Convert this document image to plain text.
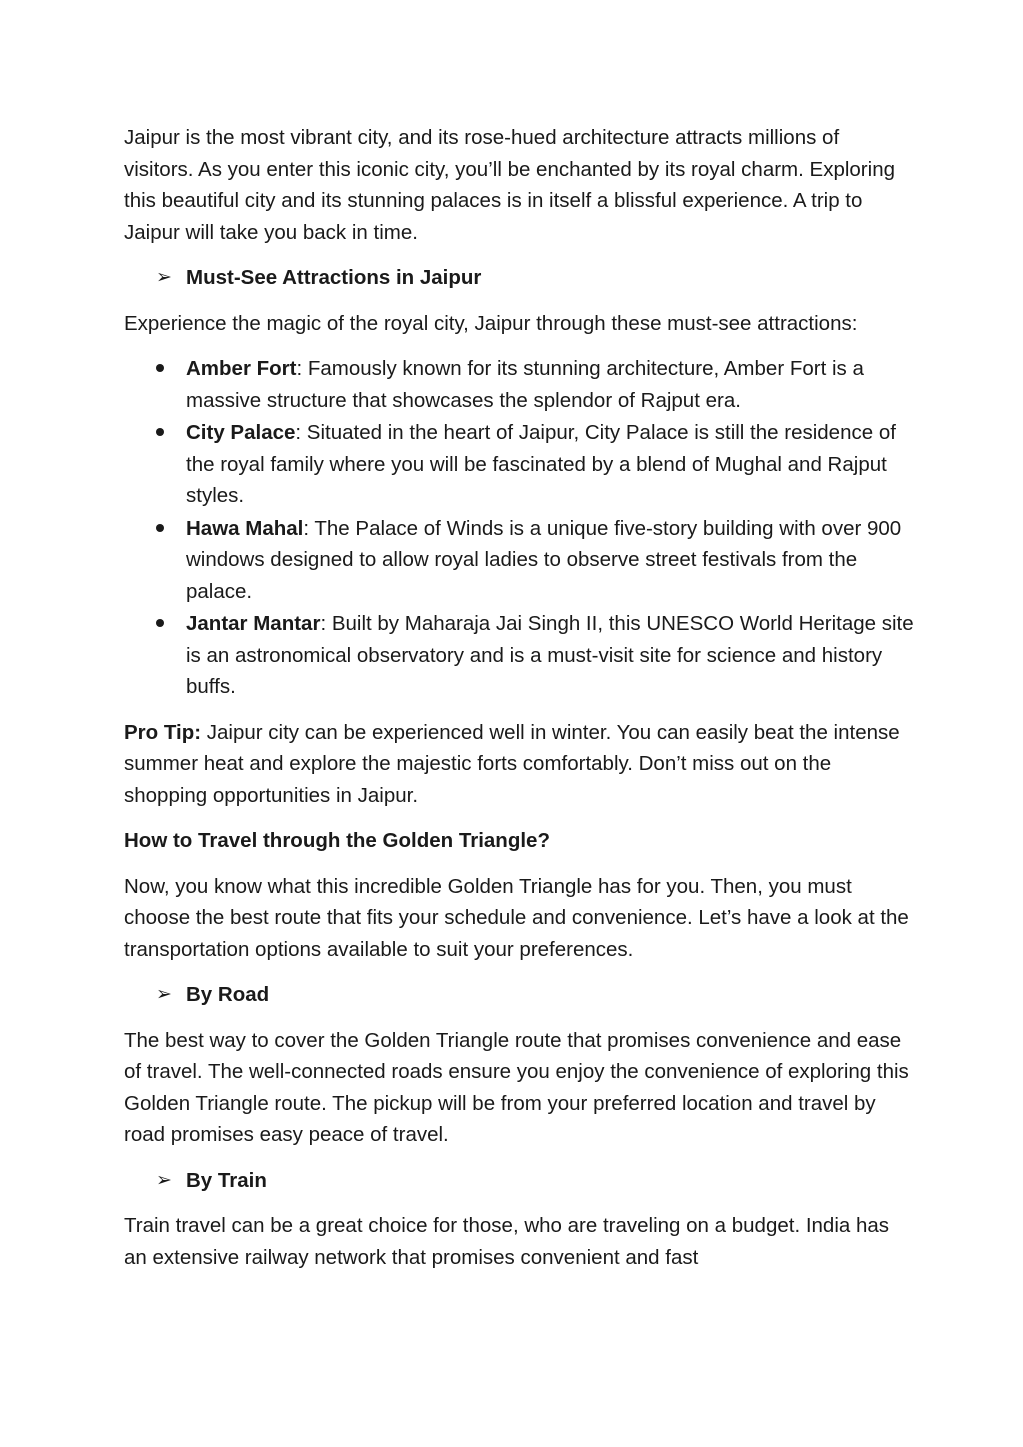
Jaipur is the most vibrant city, and its rose-hued architecture attracts millions of visitors. As you enter this iconic city, you’ll be enchanted by its royal charm. Exploring this beautiful city and its stunning palaces is in itself a blissful experience. A trip to Jaipur will take you back in time.

➢ Must-See Attractions in Jaipur

Experience the magic of the royal city, Jaipur through these must-see attractions:

Amber Fort: Famously known for its stunning architecture, Amber Fort is a massive structure that showcases the splendor of Rajput era.
City Palace: Situated in the heart of Jaipur, City Palace is still the residence of the royal family where you will be fascinated by a blend of Mughal and Rajput styles.
Hawa Mahal: The Palace of Winds is a unique five-story building with over 900 windows designed to allow royal ladies to observe street festivals from the palace.
Jantar Mantar: Built by Maharaja Jai Singh II, this UNESCO World Heritage site is an astronomical observatory and is a must-visit site for science and history buffs.

Pro Tip: Jaipur city can be experienced well in winter. You can easily beat the intense summer heat and explore the majestic forts comfortably. Don’t miss out on the shopping opportunities in Jaipur.

How to Travel through the Golden Triangle?

Now, you know what this incredible Golden Triangle has for you. Then, you must choose the best route that fits your schedule and convenience. Let’s have a look at the transportation options available to suit your preferences.

➢ By Road

The best way to cover the Golden Triangle route that promises convenience and ease of travel. The well-connected roads ensure you enjoy the convenience of exploring this Golden Triangle route. The pickup will be from your preferred location and travel by road promises easy peace of travel.

➢ By Train

Train travel can be a great choice for those, who are traveling on a budget. India has an extensive railway network that promises convenient and fast
